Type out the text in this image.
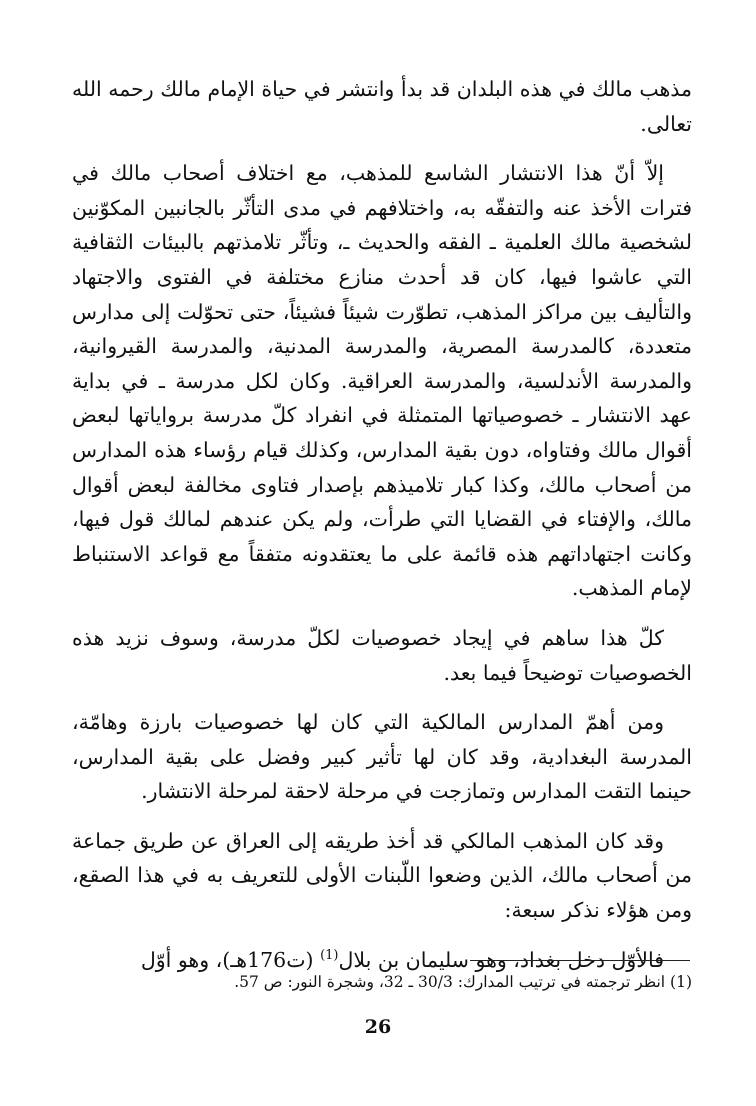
مذهب مالك في هذه البلدان قد بدأ وانتشر في حياة الإمام مالك رحمه الله تعالى.

إلاّ أنّ هذا الانتشار الشاسع للمذهب، مع اختلاف أصحاب مالك في فترات الأخذ عنه والتفقّه به، واختلافهم في مدى التأثّر بالجانبين المكوّنين لشخصية مالك العلمية ـ الفقه والحديث ـ، وتأثّر تلامذتهم بالبيئات الثقافية التي عاشوا فيها، كان قد أحدث منازع مختلفة في الفتوى والاجتهاد والتأليف بين مراكز المذهب، تطوّرت شيئاً فشيئاً، حتى تحوّلت إلى مدارس متعددة، كالمدرسة المصرية، والمدرسة المدنية، والمدرسة القيروانية، والمدرسة الأندلسية، والمدرسة العراقية. وكان لكل مدرسة ـ في بداية عهد الانتشار ـ خصوصياتها المتمثلة في انفراد كلّ مدرسة برواياتها لبعض أقوال مالك وفتاواه، دون بقية المدارس، وكذلك قيام رؤساء هذه المدارس من أصحاب مالك، وكذا كبار تلاميذهم بإصدار فتاوى مخالفة لبعض أقوال مالك، والإفتاء في القضايا التي طرأت، ولم يكن عندهم لمالك قول فيها، وكانت اجتهاداتهم هذه قائمة على ما يعتقدونه متفقاً مع قواعد الاستنباط لإمام المذهب.

كلّ هذا ساهم في إيجاد خصوصيات لكلّ مدرسة، وسوف نزيد هذه الخصوصيات توضيحاً فيما بعد.

ومن أهمّ المدارس المالكية التي كان لها خصوصيات بارزة وهامّة، المدرسة البغدادية، وقد كان لها تأثير كبير وفضل على بقية المدارس، حينما التقت المدارس وتمازجت في مرحلة لاحقة لمرحلة الانتشار.

وقد كان المذهب المالكي قد أخذ طريقه إلى العراق عن طريق جماعة من أصحاب مالك، الذين وضعوا اللّبنات الأولى للتعريف به في هذا الصقع، ومن هؤلاء نذكر سبعة:

فالأوّل دخل بغداد، وهو سليمان بن بلال$^{(1)}$ (ت176هـ)، وهو أوّل

(1) انظر ترجمته في ترتيب المدارك: 30/3 ـ 32، وشجرة النور: ص 57.
26
